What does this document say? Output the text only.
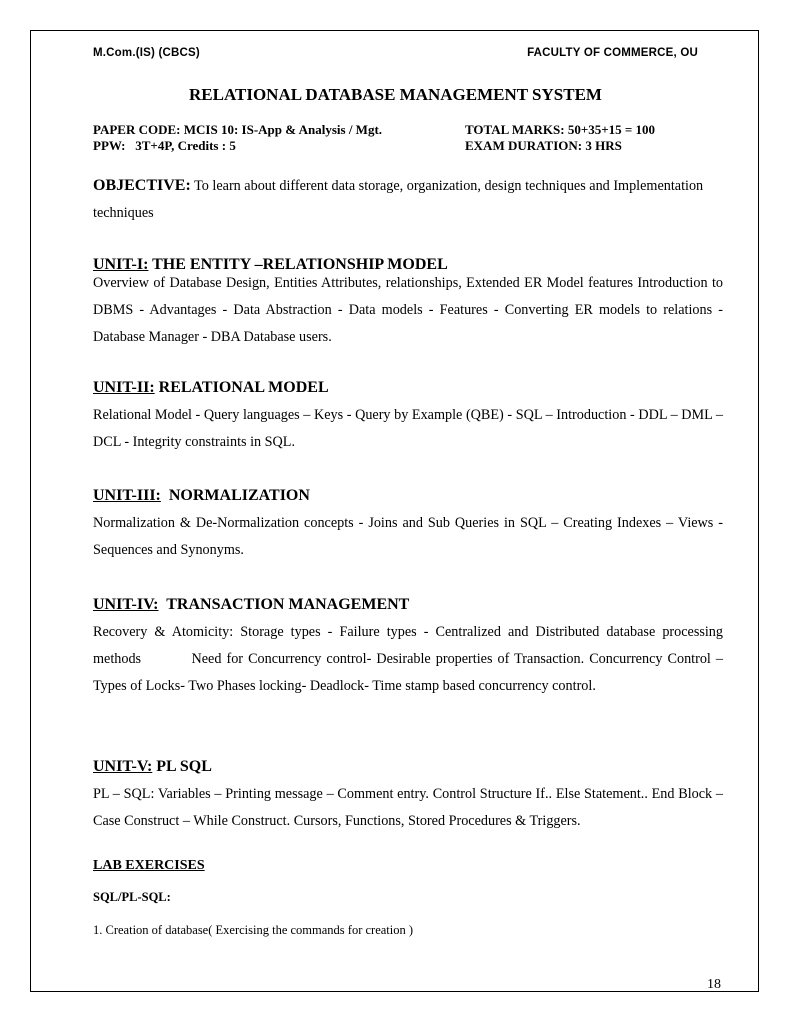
M.Com.(IS) (CBCS)	FACULTY OF COMMERCE, OU
RELATIONAL DATABASE MANAGEMENT SYSTEM
PAPER CODE: MCIS 10: IS-App & Analysis / Mgt.	TOTAL MARKS: 50+35+15 = 100
PPW:   3T+4P, Credits : 5	EXAM DURATION: 3 HRS
OBJECTIVE: To learn about different data storage, organization, design techniques and Implementation techniques
UNIT-I: THE ENTITY –RELATIONSHIP MODEL
Overview of Database Design, Entities Attributes, relationships, Extended ER Model features Introduction to DBMS - Advantages - Data Abstraction - Data models - Features - Converting ER models to relations - Database Manager - DBA Database users.
UNIT-II: RELATIONAL MODEL
Relational Model - Query languages – Keys - Query by Example (QBE) - SQL – Introduction - DDL – DML – DCL - Integrity constraints in SQL.
UNIT-III:  NORMALIZATION
Normalization & De-Normalization concepts - Joins and Sub Queries in SQL – Creating Indexes – Views - Sequences and Synonyms.
UNIT-IV:  TRANSACTION MANAGEMENT
Recovery & Atomicity: Storage types - Failure types - Centralized and Distributed database processing methods          Need for Concurrency control- Desirable properties of Transaction. Concurrency Control – Types of Locks- Two Phases locking- Deadlock- Time stamp based concurrency control.
UNIT-V: PL SQL
PL – SQL: Variables – Printing message – Comment entry. Control Structure If.. Else Statement.. End Block – Case Construct – While Construct. Cursors, Functions, Stored Procedures & Triggers.
LAB EXERCISES
SQL/PL-SQL:
1. Creation of database( Exercising the commands for creation )
18
